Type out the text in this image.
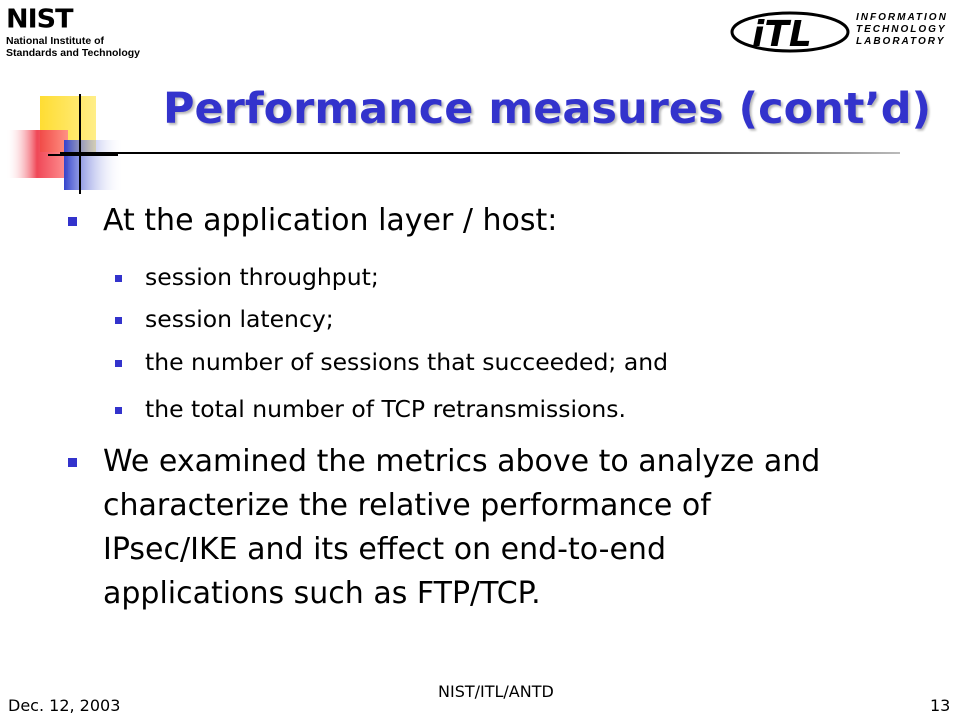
NIST
National Institute of
Standards and Technology	iTL	INFORMATION
TECHNOLOGY
LABORATORY
Performance measures (cont’d)
At the application layer / host:
session throughput;
session latency;
the number of sessions that succeeded; and
the total number of TCP retransmissions.
We examined the metrics above to analyze and
characterize the relative performance of
IPsec/IKE and its effect on end-to-end
applications such as FTP/TCP.
Dec. 12, 2003
NIST/ITL/ANTD
13
